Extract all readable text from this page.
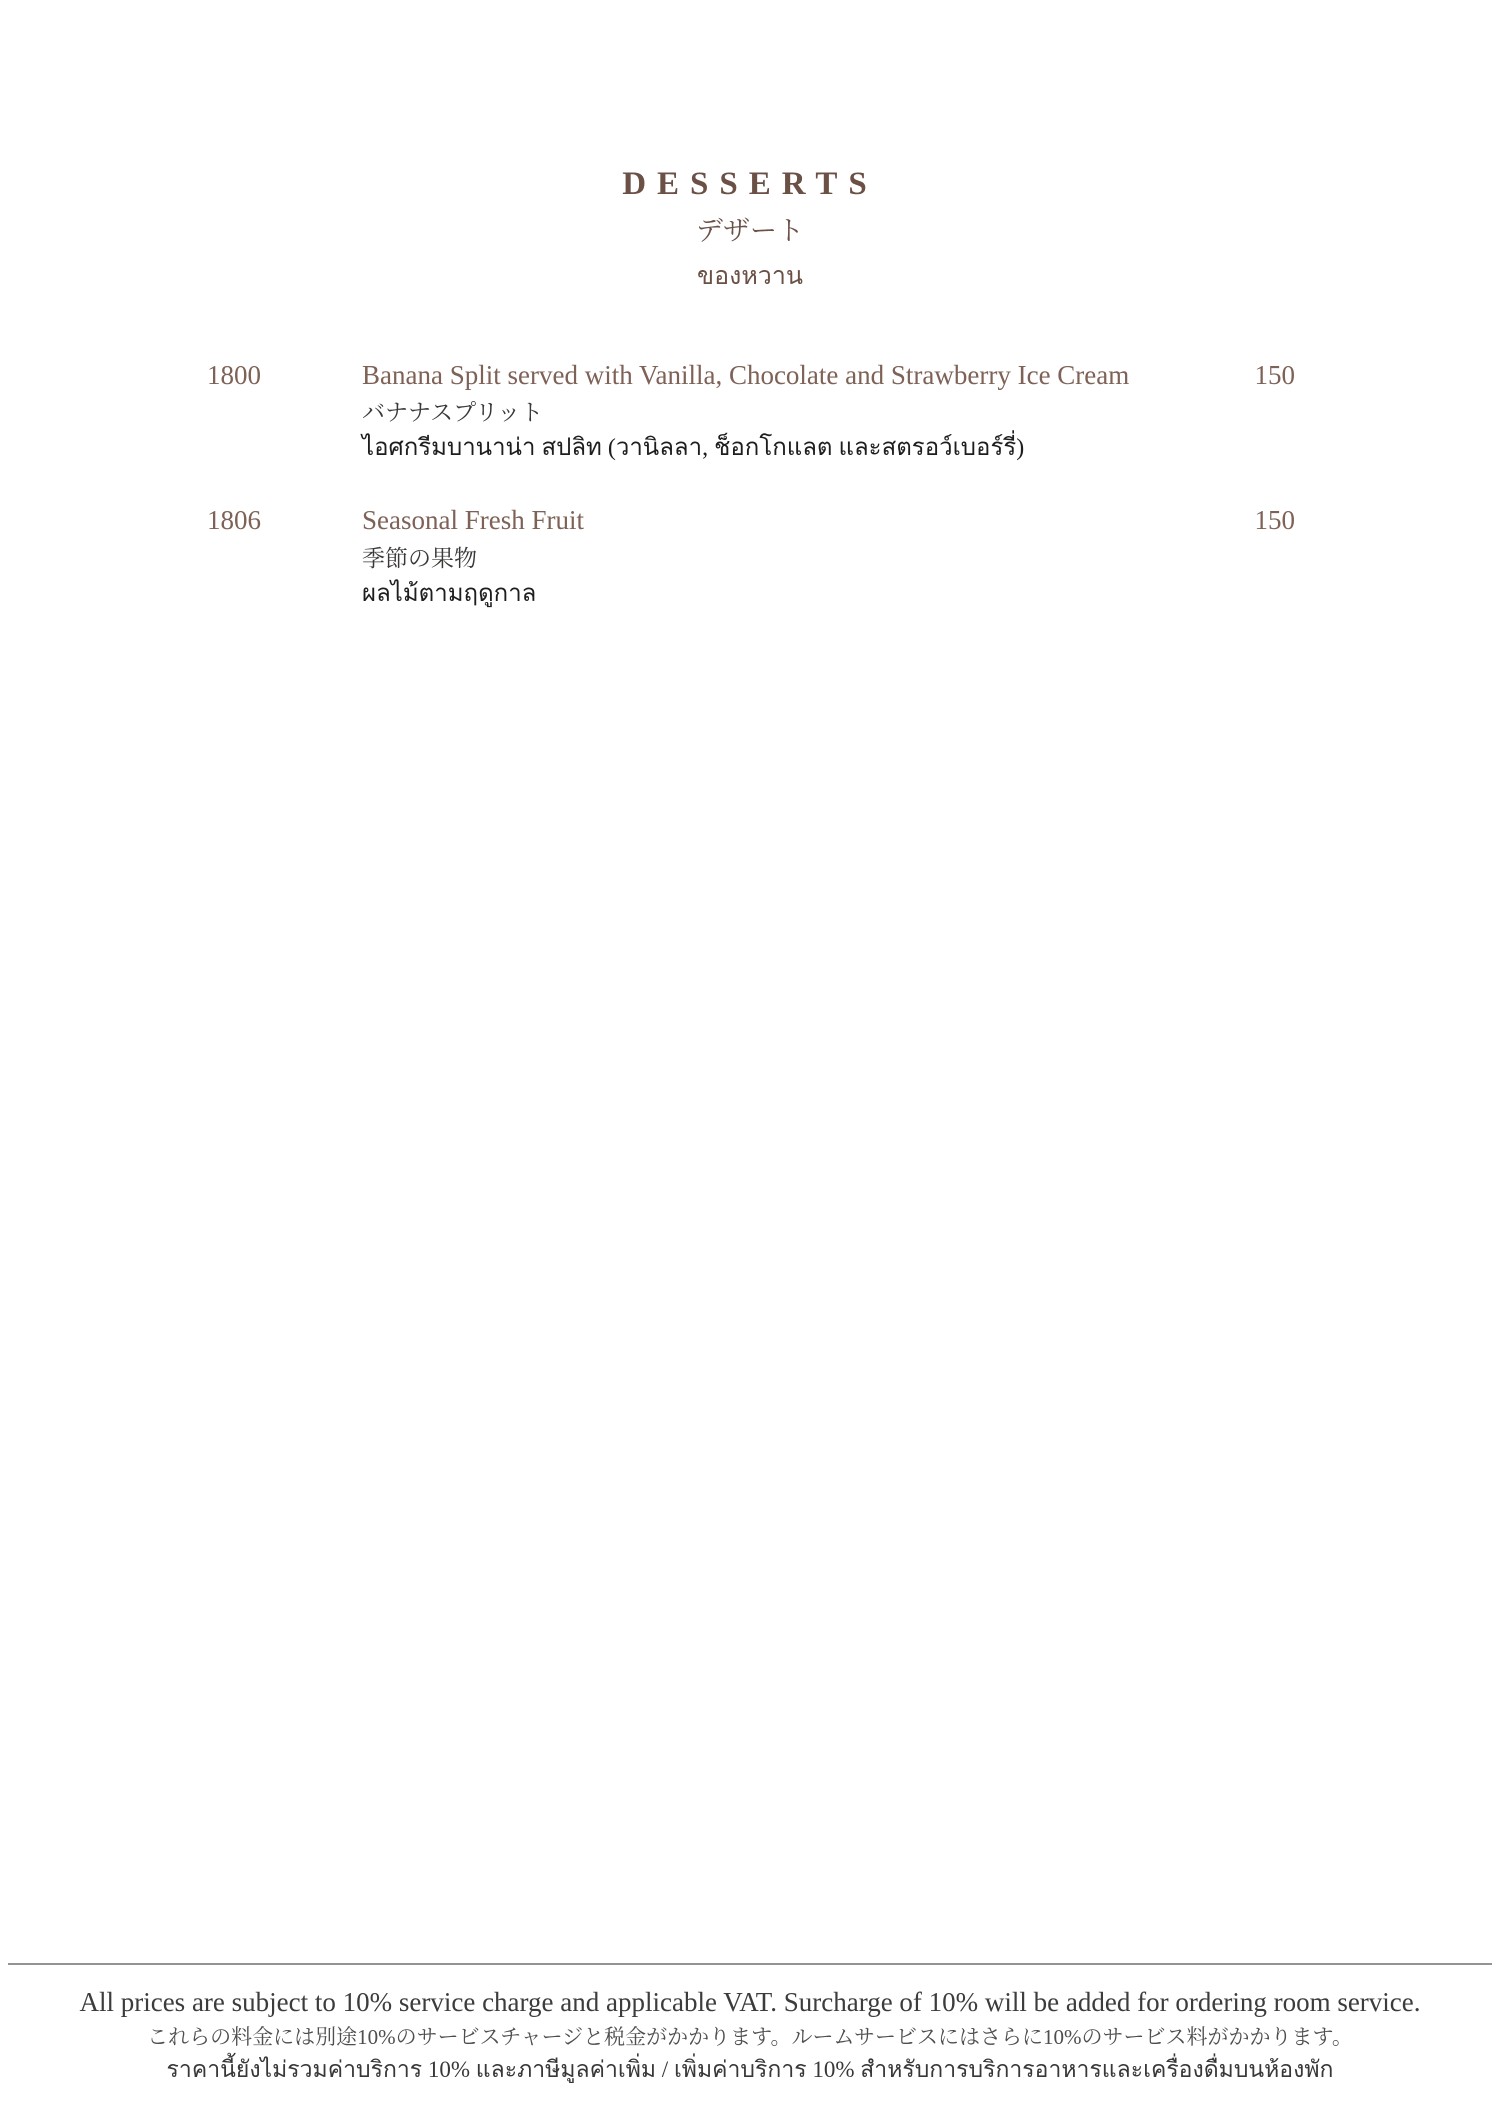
DESSERTS
デザート
ของหวาน
1800	Banana Split served with Vanilla, Chocolate and Strawberry Ice Cream
バナナスプリット
ไอศกรีมบานาน่า สปลิท (วานิลลา, ช็อกโกแลต และสตรอว์เบอร์รี่)
150
1806	Seasonal Fresh Fruit
季節の果物
ผลไม้ตามฤดูกาล
150
All prices are subject to 10% service charge and applicable VAT. Surcharge of 10% will be added for ordering room service.
これらの料金には別途10%のサービスチャージと税金がかかります。ルームサービスにはさらに10%のサービス料がかかります。
ราคานี้ยังไม่รวมค่าบริการ 10% และภาษีมูลค่าเพิ่ม / เพิ่มค่าบริการ 10% สำหรับการบริการอาหารและเครื่องดื่มบนห้องพัก
